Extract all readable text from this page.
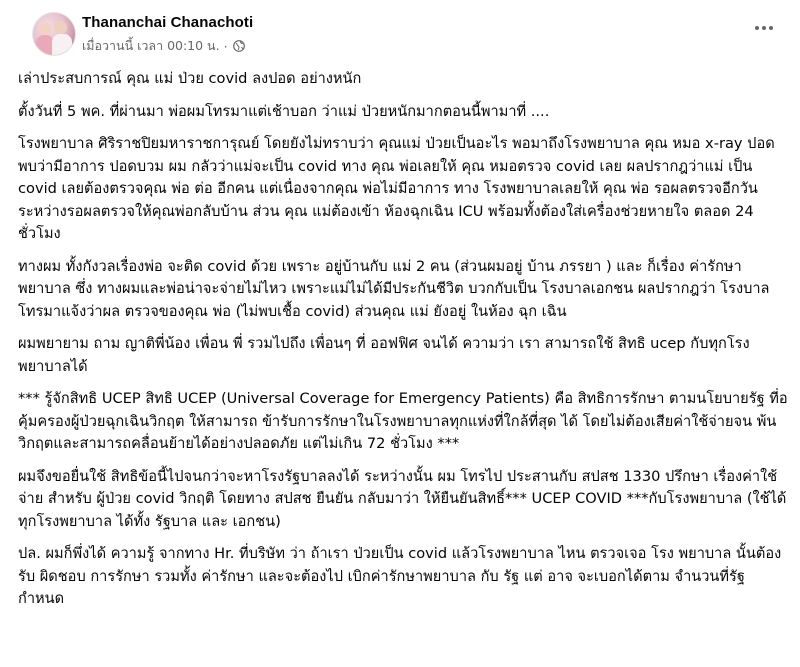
Thananchai Chanachoti
เมื่อวานนี้ เวลา 00:10 น. ·

เล่าประสบการณ์ คุณ แม่ ป่วย covid ลงปอด อย่างหนัก

ตั้งวันที่ 5 พค. ที่ผ่านมา พ่อผมโทรมาแต่เช้าบอก ว่าแม่ ป่วยหนักมากตอนนี้พามาที่ ....

โรงพยาบาล ศิริราชปิยมหาราชการุณย์ โดยยังไม่ทราบว่า คุณแม่ ป่วยเป็นอะไร พอมาถึงโรงพยาบาล คุณ หมอ x-ray ปอด พบว่ามีอาการ ปอดบวม ผม กลัวว่าแม่จะเป็น covid ทาง คุณ พ่อเลยให้ คุณ หมอตรวจ covid เลย ผลปรากฎว่าแม่ เป็น covid เลยต้องตรวจคุณ พ่อ ต่อ อีกคน แต่เนื่องจากคุณ พ่อไม่มีอาการ ทาง โรงพยาบาลเลยให้ คุณ พ่อ รอผลตรวจอีกวัน ระหว่างรอผลตรวจให้คุณพ่อกลับบ้าน ส่วน คุณ แม่ต้องเข้า ห้องฉุกเฉิน ICU พร้อมทั้งต้องใส่เครื่องช่วยหายใจ ตลอด 24 ชั่วโมง

ทางผม ทั้งกังวลเรื่องพ่อ จะติด covid ด้วย เพราะ อยู่บ้านกับ แม่ 2 คน (ส่วนผมอยู่ บ้าน ภรรยา ) และ ก็เรื่อง ค่ารักษาพยาบาล ซึ่ง ทางผมและพ่อน่าจะจ่ายไม่ไหว เพราะแม่ไม่ได้มีประกันชีวิต บวกกับเป็น โรงบาลเอกชน ผลปรากฎว่า โรงบาล โทรมาแจ้งว่าผล ตรวจของคุณ พ่อ (ไม่พบเชื้อ covid) ส่วนคุณ แม่ ยังอยู่ ในห้อง ฉุก เฉิน

ผมพยายาม ถาม ญาติพี่น้อง เพื่อน พี่ รวมไปถึง เพื่อนๆ ที่ ออฟฟิศ จนได้ ความว่า เรา สามารถใช้ สิทธิ ucep กับทุกโรงพยาบาลได้

*** รู้จักสิทธิ UCEP สิทธิ UCEP (Universal Coverage for Emergency Patients) คือ สิทธิการรักษา ตามนโยบายรัฐ ที่อคุ้มครองผู้ป่วยฉุกเฉินวิกฤต ให้สามารถ ข้ารับการรักษาในโรงพยาบาลทุกแห่งที่ใกล้ที่สุด ได้ โดยไม่ต้องเสียค่าใช้จ่ายจน พ้นวิกฤตและสามารถคลื่อนย้ายได้อย่างปลอดภัย แต่ไม่เกิน 72 ชั่วโมง ***

ผมจึงขอยื่นใช้ สิทธิข้อนี้ไปจนกว่าจะหาโรงรัฐบาลลงได้ ระหว่างนั้น ผม โทรไป ประสานกับ สปสช 1330 ปรึกษา เรื่องค่าใช้จ่าย สำหรับ ผู้ป่วย covid วิกฤติ โดยทาง สปสช ยืนยัน กลับมาว่า ให้ยืนยันสิทธิ์*** UCEP COVID ***กับโรงพยาบาล (ใช้ได้ทุกโรงพยาบาล ได้ทั้ง รัฐบาล และ เอกชน)

ปล. ผมก็พึ่งได้ ความรู้ จากทาง Hr. ที่บริษัท ว่า ถ้าเรา ป่วยเป็น covid แล้วโรงพยาบาล ไหน ตรวจเจอ โรง พยาบาล นั้นต้อง รับ ผิดชอบ การรักษา รวมทั้ง ค่ารักษา และจะต้องไป เบิกค่ารักษาพยาบาล กับ รัฐ แต่ อาจ จะเบอกได้ตาม จำนวนที่รัฐ กำหนด
